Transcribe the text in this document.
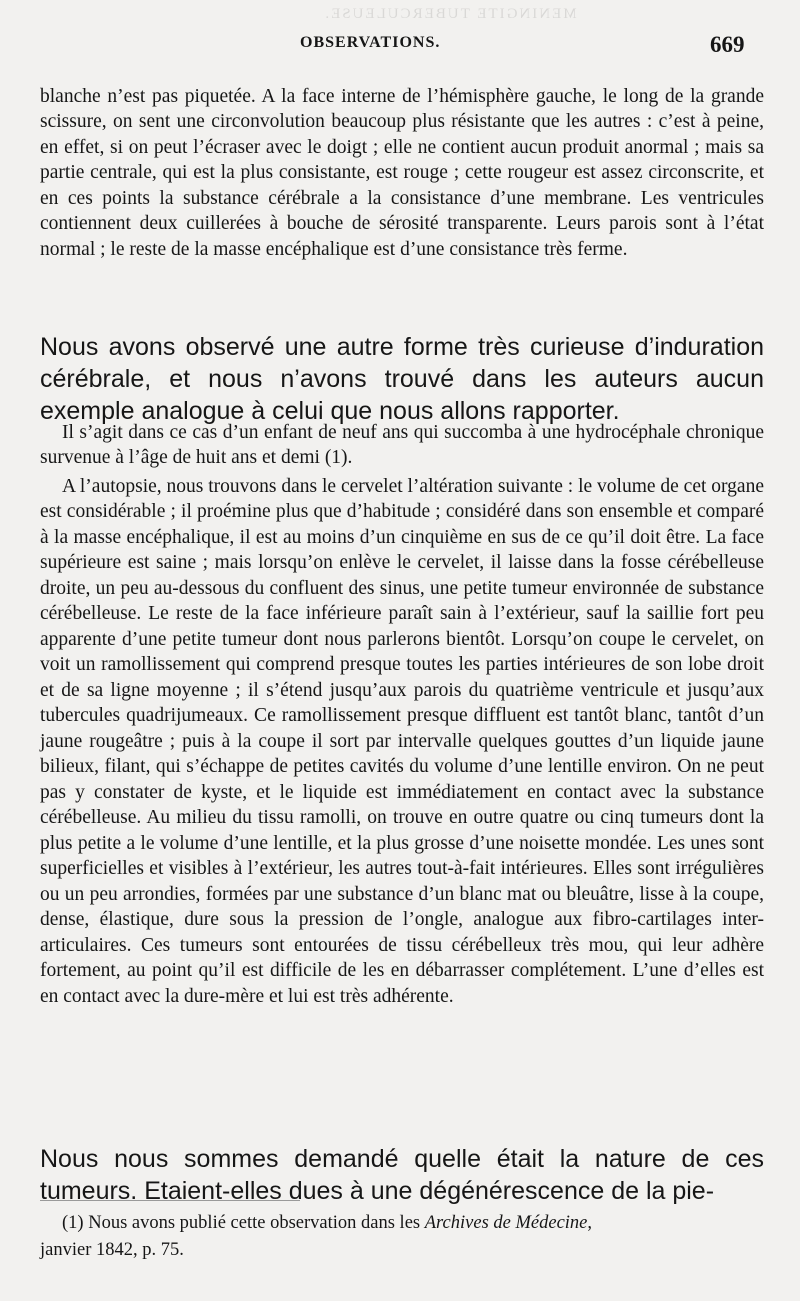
MENINGITE TUBERCULEUSE.
OBSERVATIONS.	669

blanche n’est pas piquetée. A la face interne de l’hémisphère gauche, le long de la grande scissure, on sent une circonvolution beaucoup plus résistante que les autres : c’est à peine, en effet, si on peut l’écraser avec le doigt ; elle ne contient aucun produit anormal ; mais sa partie centrale, qui est la plus consistante, est rouge ; cette rougeur est assez circonscrite, et en ces points la substance cérébrale a la consistance d’une membrane. Les ventricules contiennent deux cuillerées à bouche de sérosité transparente. Leurs parois sont à l’état normal ; le reste de la masse encéphalique est d’une consistance très ferme.

Nous avons observé une autre forme très curieuse d’induration cérébrale, et nous n’avons trouvé dans les auteurs aucun exemple analogue à celui que nous allons rapporter.

Il s’agit dans ce cas d’un enfant de neuf ans qui succomba à une hydrocéphale chronique survenue à l’âge de huit ans et demi (1).

A l’autopsie, nous trouvons dans le cervelet l’altération suivante : le volume de cet organe est considérable ; il proémine plus que d’habitude ; considéré dans son ensemble et comparé à la masse encéphalique, il est au moins d’un cinquième en sus de ce qu’il doit être. La face supérieure est saine ; mais lorsqu’on enlève le cervelet, il laisse dans la fosse cérébelleuse droite, un peu au-dessous du confluent des sinus, une petite tumeur environnée de substance cérébelleuse. Le reste de la face inférieure paraît sain à l’extérieur, sauf la saillie fort peu apparente d’une petite tumeur dont nous parlerons bientôt. Lorsqu’on coupe le cervelet, on voit un ramollissement qui comprend presque toutes les parties intérieures de son lobe droit et de sa ligne moyenne ; il s’étend jusqu’aux parois du quatrième ventricule et jusqu’aux tubercules quadrijumeaux. Ce ramollissement presque diffluent est tantôt blanc, tantôt d’un jaune rougeâtre ; puis à la coupe il sort par intervalle quelques gouttes d’un liquide jaune bilieux, filant, qui s’échappe de petites cavités du volume d’une lentille environ. On ne peut pas y constater de kyste, et le liquide est immédiatement en contact avec la substance cérébelleuse. Au milieu du tissu ramolli, on trouve en outre quatre ou cinq tumeurs dont la plus petite a le volume d’une lentille, et la plus grosse d’une noisette mondée. Les unes sont superficielles et visibles à l’extérieur, les autres tout-à-fait intérieures. Elles sont irrégulières ou un peu arrondies, formées par une substance d’un blanc mat ou bleuâtre, lisse à la coupe, dense, élastique, dure sous la pression de l’ongle, analogue aux fibro-cartilages inter-articulaires. Ces tumeurs sont entourées de tissu cérébelleux très mou, qui leur adhère fortement, au point qu’il est difficile de les en débarrasser complétement. L’une d’elles est en contact avec la dure-mère et lui est très adhérente.

Nous nous sommes demandé quelle était la nature de ces tumeurs. Etaient-elles dues à une dégénérescence de la pie-

(1) Nous avons publié cette observation dans les Archives de Médecine,
janvier 1842, p. 75.
